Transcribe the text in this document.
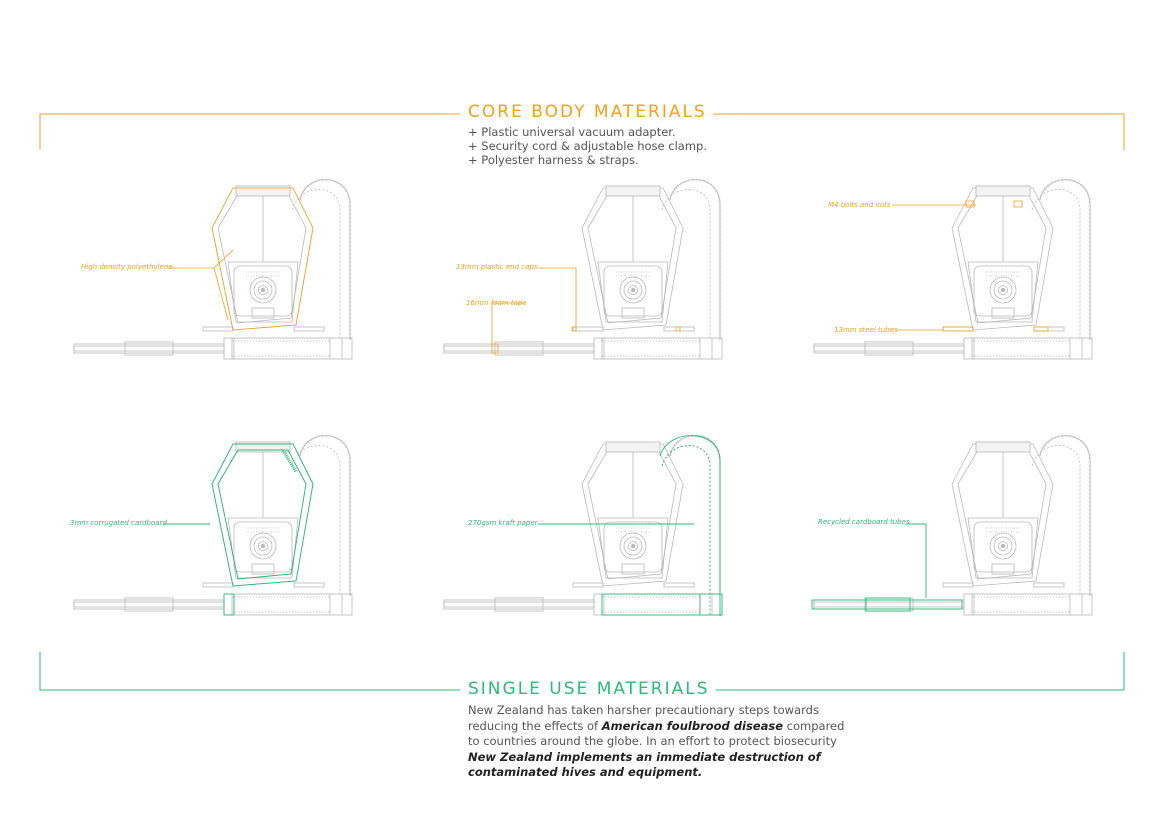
CORE BODY MATERIALS
+ Plastic universal vacuum adapter.
+ Security cord & adjustable hose clamp.
+ Polyester harness & straps.
High density polyethylene	13mm plastic end caps
16mm foam tape
M4 bolts and nuts
13mm steel tubes
3mm corrugated cardboard	270gsm kraft paper	Recycled cardboard tubes
SINGLE USE MATERIALS
New Zealand has taken harsher precautionary steps towards reducing the effects of American foulbrood disease compared to countries around the globe. In an effort to protect biosecurity New Zealand implements an immediate destruction of contaminated hives and equipment.
